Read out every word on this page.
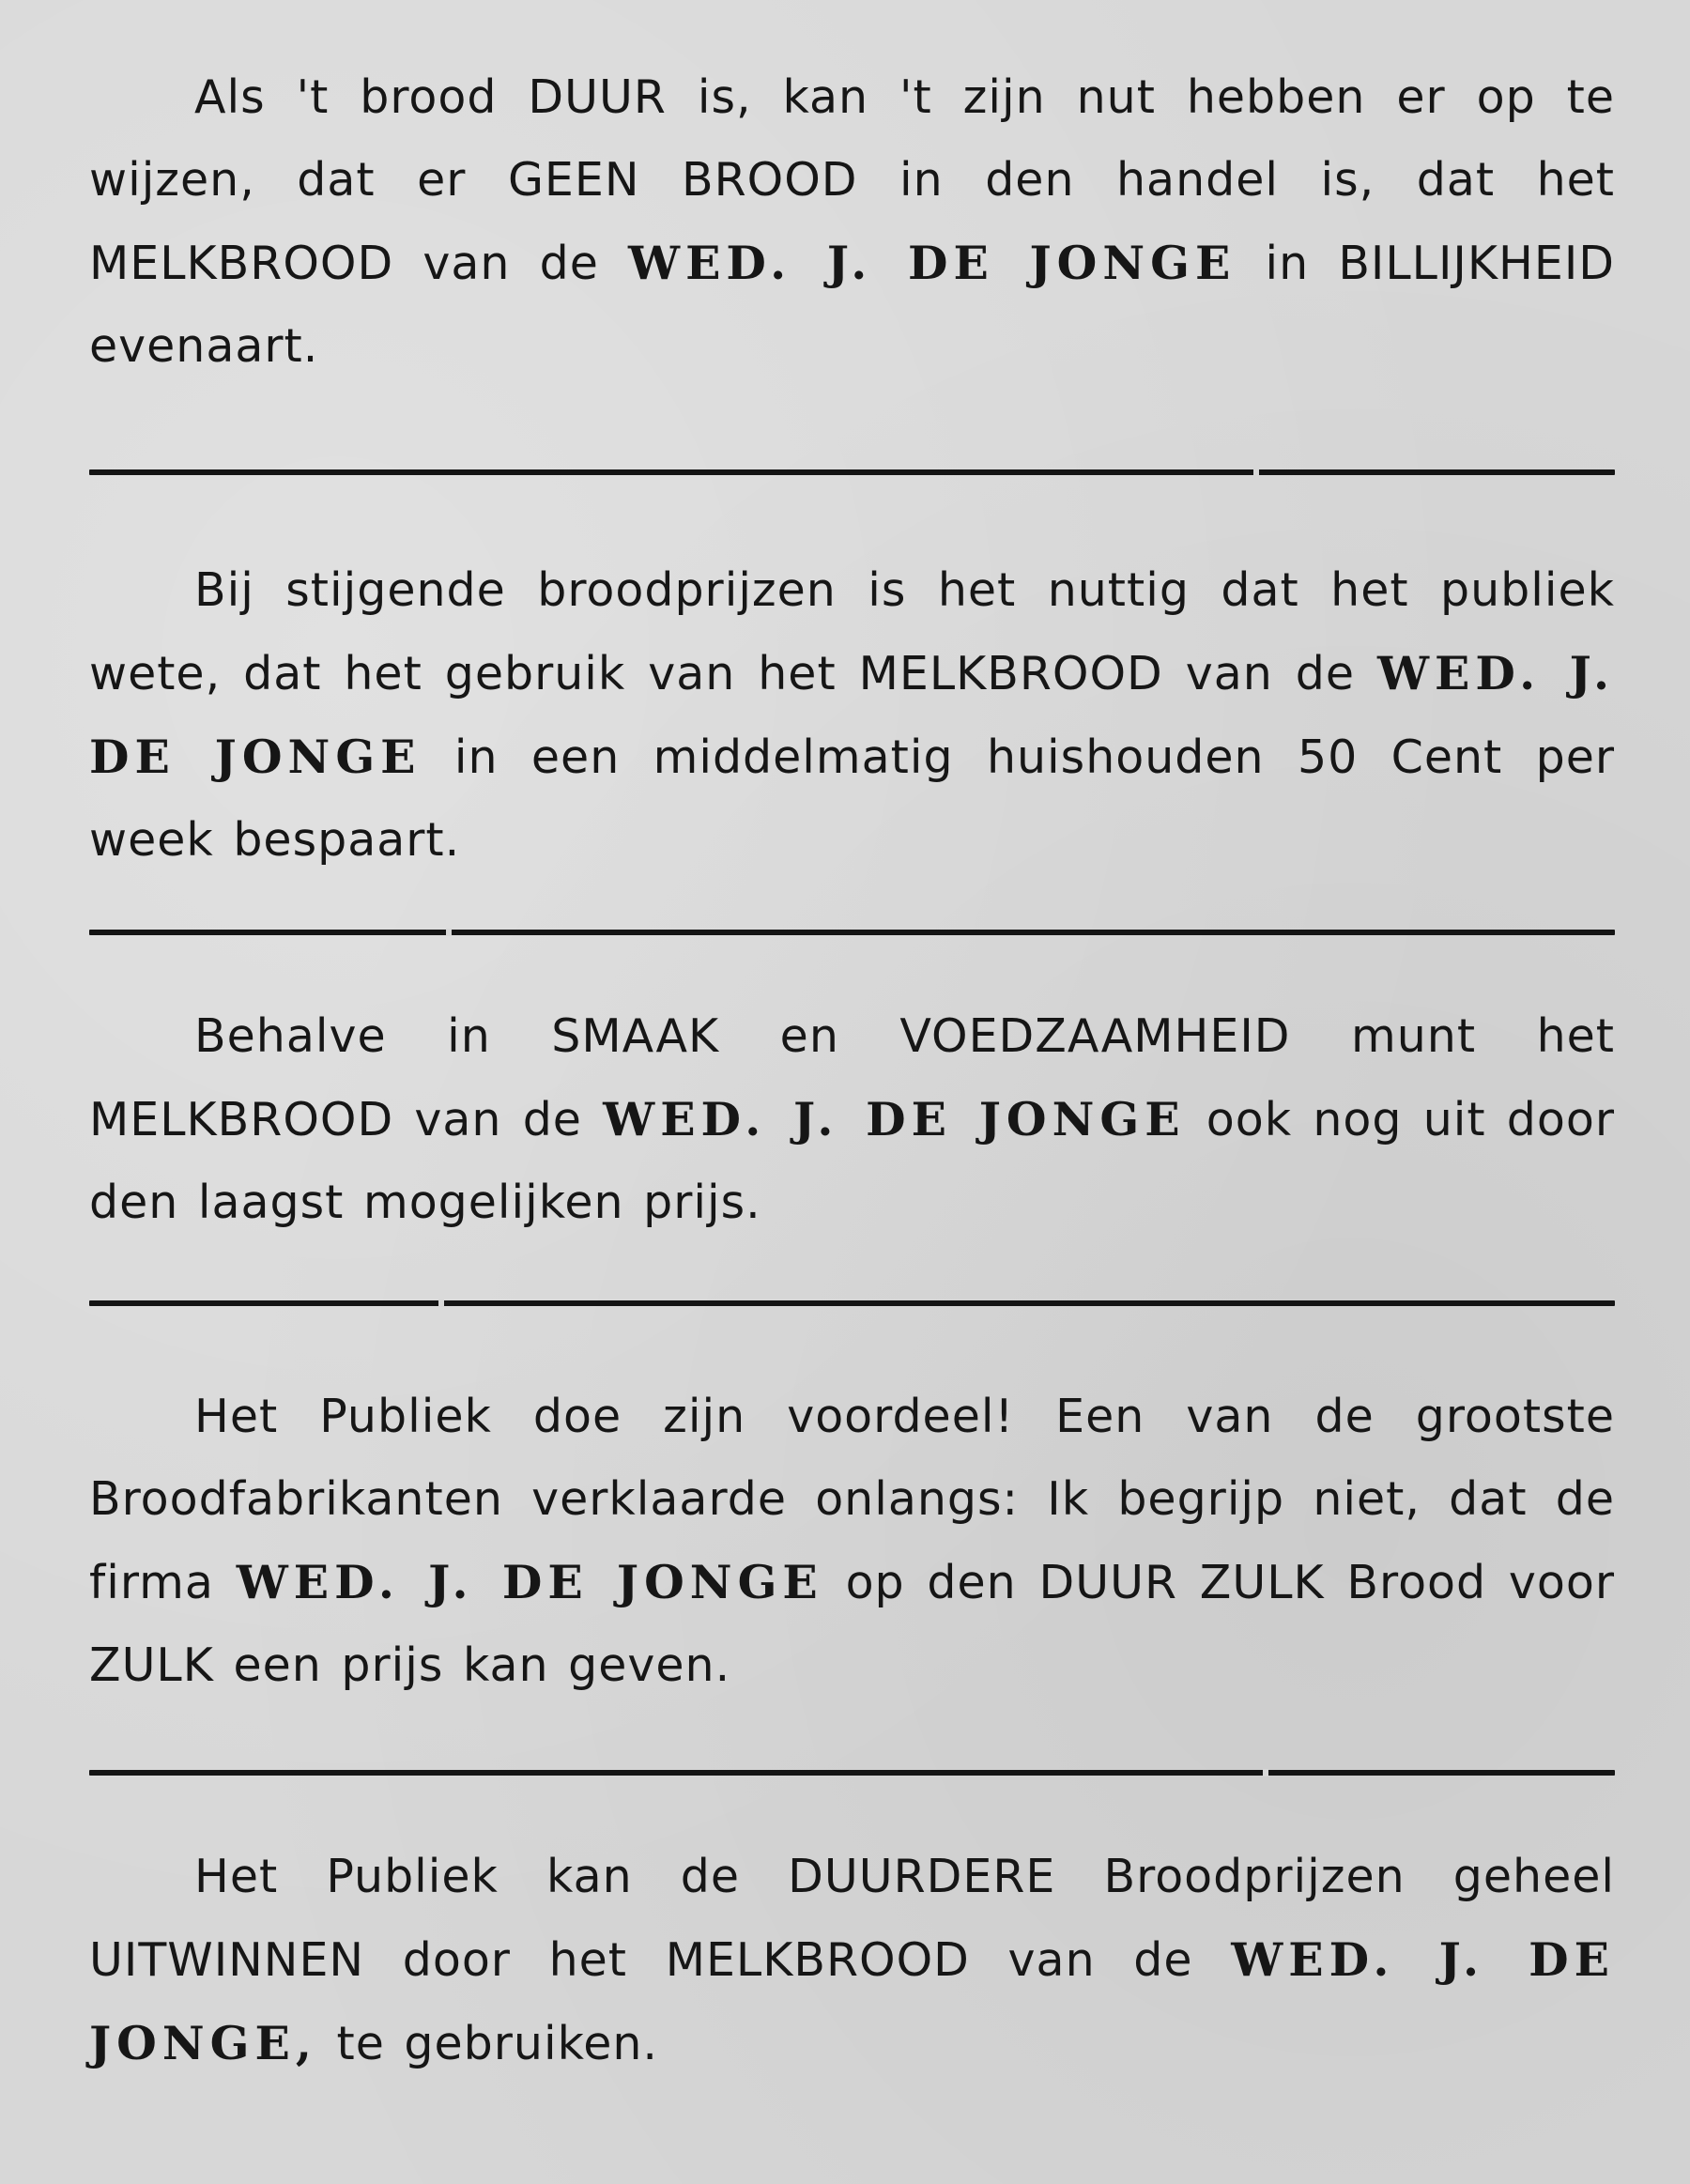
Als 't brood DUUR is, kan 't zijn nut hebben er op te wijzen, dat er GEEN BROOD in den handel is, dat het MELKBROOD van de WED. J. DE JONGE in BILLIJKHEID evenaart.

Bij stijgende broodprijzen is het nuttig dat het publiek wete, dat het gebruik van het MELKBROOD van de WED. J. DE JONGE in een middelmatig huishouden 50 Cent per week bespaart.

Behalve in SMAAK en VOEDZAAMHEID munt het MELKBROOD van de WED. J. DE JONGE ook nog uit door den laagst mogelijken prijs.

Het Publiek doe zijn voordeel! Een van de grootste Broodfabrikanten verklaarde onlangs: Ik begrijp niet, dat de firma WED. J. DE JONGE op den DUUR ZULK Brood voor ZULK een prijs kan geven.

Het Publiek kan de DUURDERE Broodprijzen geheel UITWINNEN door het MELKBROOD van de WED. J. DE JONGE, te gebruiken.
